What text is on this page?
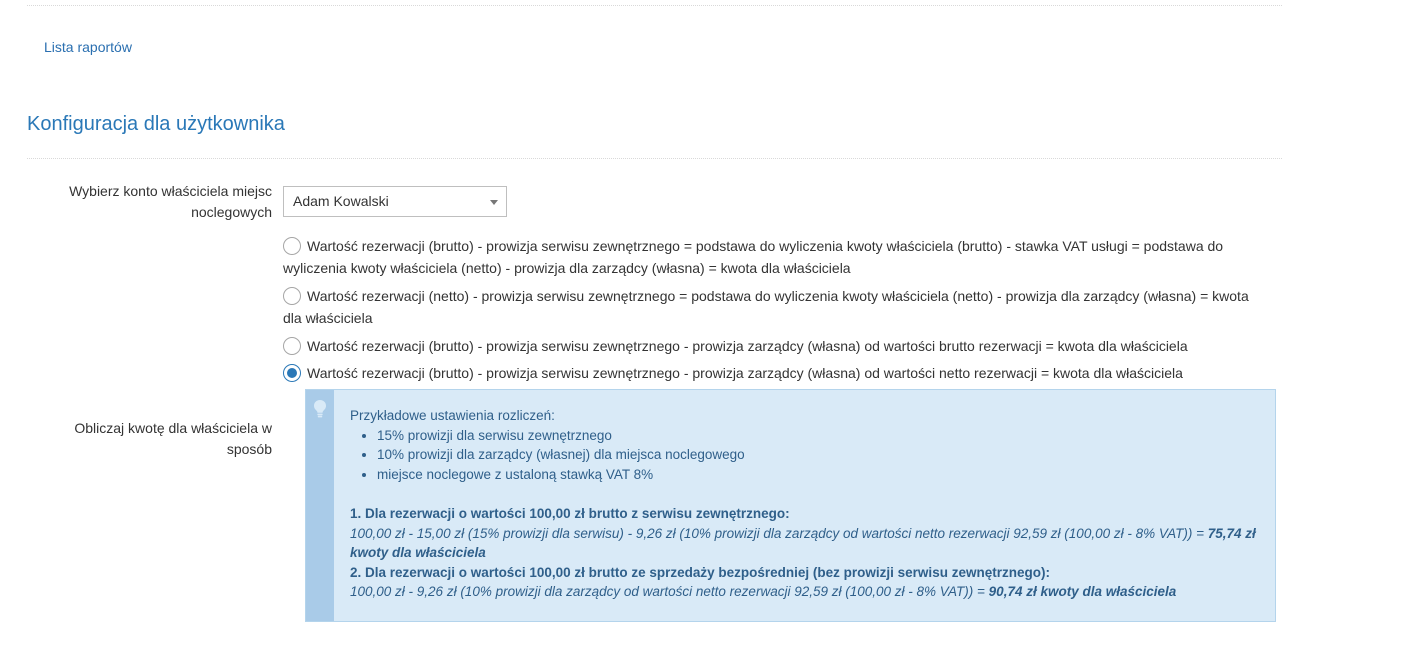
Lista raportów
Konfiguracja dla użytkownika
Wybierz konto właściciela miejsc noclegowych
Adam Kowalski
Wartość rezerwacji (brutto) - prowizja serwisu zewnętrznego = podstawa do wyliczenia kwoty właściciela (brutto) - stawka VAT usługi = podstawa do wyliczenia kwoty właściciela (netto) - prowizja dla zarządcy (własna) = kwota dla właściciela
Wartość rezerwacji (netto) - prowizja serwisu zewnętrznego = podstawa do wyliczenia kwoty właściciela (netto) - prowizja dla zarządcy (własna) = kwota dla właściciela
Wartość rezerwacji (brutto) - prowizja serwisu zewnętrznego - prowizja zarządcy (własna) od wartości brutto rezerwacji = kwota dla właściciela
Wartość rezerwacji (brutto) - prowizja serwisu zewnętrznego - prowizja zarządcy (własna) od wartości netto rezerwacji = kwota dla właściciela
Obliczaj kwotę dla właściciela w sposób
Przykładowe ustawienia rozliczeń:
• 15% prowizji dla serwisu zewnętrznego
• 10% prowizji dla zarządcy (własnej) dla miejsca noclegowego
• miejsce noclegowe z ustaloną stawką VAT 8%
1. Dla rezerwacji o wartości 100,00 zł brutto z serwisu zewnętrznego:
100,00 zł - 15,00 zł (15% prowizji dla serwisu) - 9,26 zł (10% prowizji dla zarządcy od wartości netto rezerwacji 92,59 zł (100,00 zł - 8% VAT)) = 75,74 zł kwoty dla właściciela
2. Dla rezerwacji o wartości 100,00 zł brutto ze sprzedaży bezpośredniej (bez prowizji serwisu zewnętrznego):
100,00 zł - 9,26 zł (10% prowizji dla zarządcy od wartości netto rezerwacji 92,59 zł (100,00 zł - 8% VAT)) = 90,74 zł kwoty dla właściciela
